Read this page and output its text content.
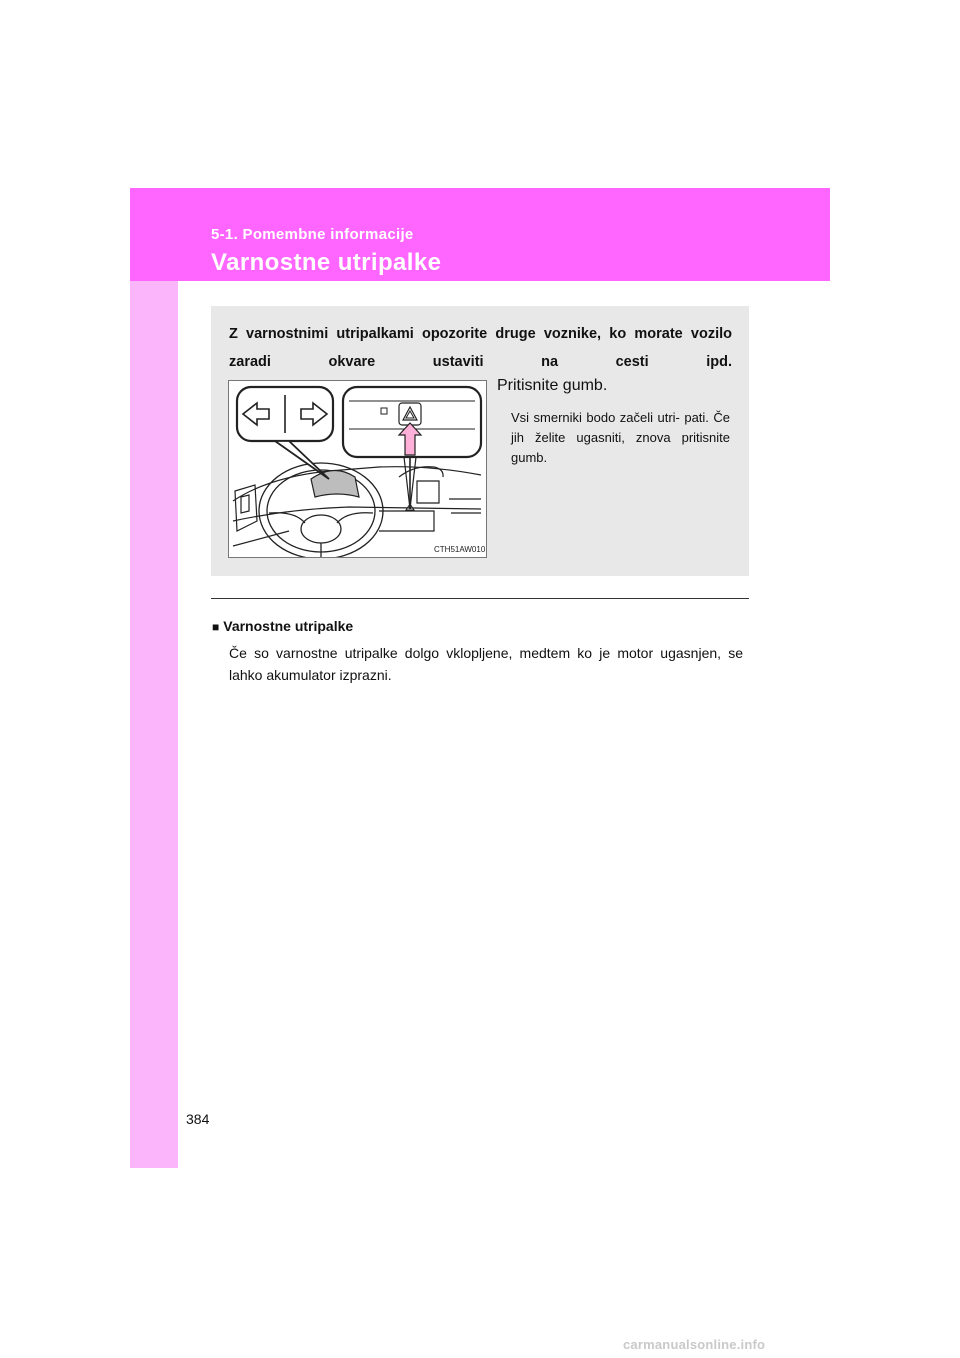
5-1. Pomembne informacije
Varnostne utripalke
Z varnostnimi utripalkami opozorite druge voznike, ko morate vozilo zaradi okvare ustaviti na cesti ipd.
CTH51AW010
Pritisnite gumb.
Vsi smerniki bodo začeli utri- pati. Če jih želite ugasniti, znova pritisnite gumb.
■ Varnostne utripalke
Če so varnostne utripalke dolgo vklopljene, medtem ko je motor ugasnjen, se lahko akumulator izprazni.
384
carmanualsonline.info
